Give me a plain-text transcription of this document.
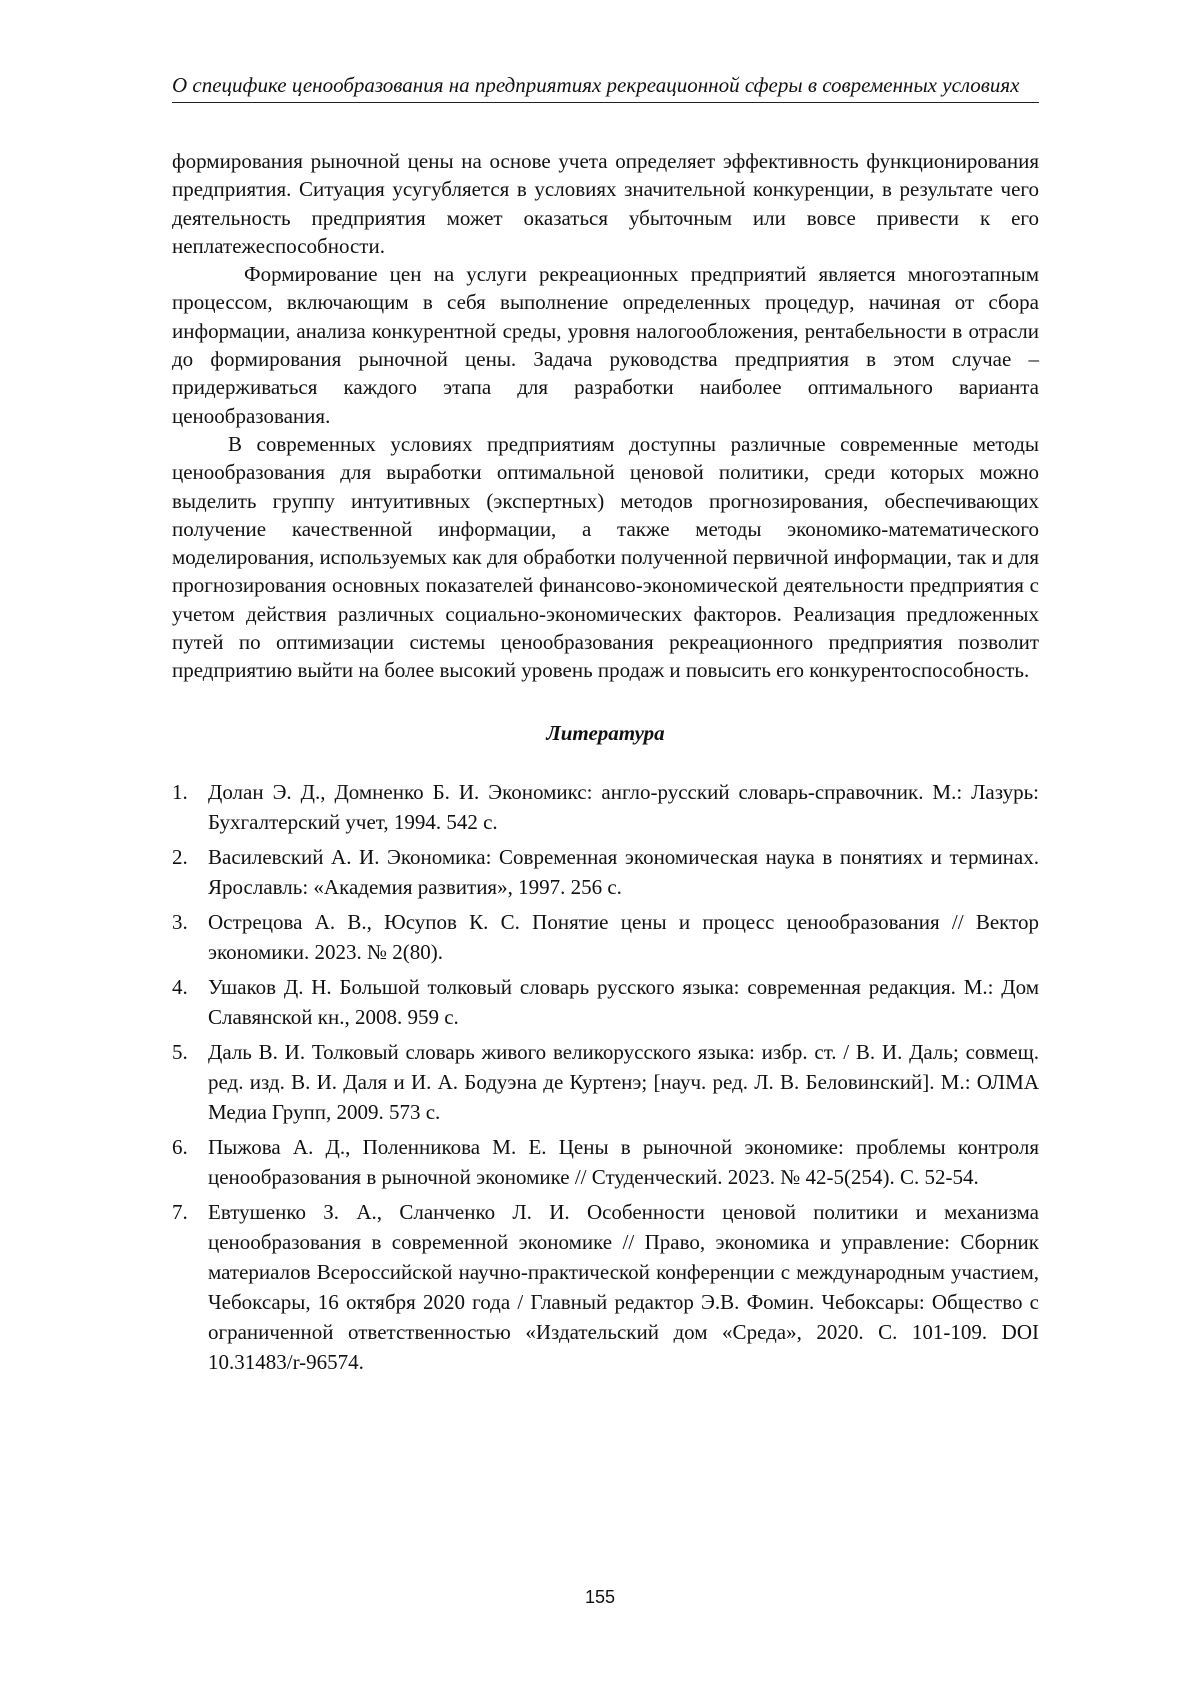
О специфике ценообразования на предприятиях рекреационной сферы в современных условиях

формирования рыночной цены на основе учета определяет эффективность функционирования предприятия. Ситуация усугубляется в условиях значительной конкуренции, в результате чего деятельность предприятия может оказаться убыточным или вовсе привести к его неплатежеспособности.

Формирование цен на услуги рекреационных предприятий является многоэтапным процессом, включающим в себя выполнение определенных процедур, начиная от сбора информации, анализа конкурентной среды, уровня налогообложения, рентабельности в отрасли до формирования рыночной цены. Задача руководства предприятия в этом случае – придерживаться каждого этапа для разработки наиболее оптимального варианта ценообразования.

В современных условиях предприятиям доступны различные современные методы ценообразования для выработки оптимальной ценовой политики, среди которых можно выделить группу интуитивных (экспертных) методов прогнозирования, обеспечивающих получение качественной информации, а также методы экономико-математического моделирования, используемых как для обработки полученной первичной информации, так и для прогнозирования основных показателей финансово-экономической деятельности предприятия с учетом действия различных социально-экономических факторов. Реализация предложенных путей по оптимизации системы ценообразования рекреационного предприятия позволит предприятию выйти на более высокий уровень продаж и повысить его конкурентоспособность.

Литература
1. Долан Э. Д., Домненко Б. И. Экономикс: англо-русский словарь-справочник. М.: Лазурь: Бухгалтерский учет, 1994. 542 с.
2. Василевский А. И. Экономика: Современная экономическая наука в понятиях и терминах. Ярославль: «Академия развития», 1997. 256 с.
3. Острецова А. В., Юсупов К. С. Понятие цены и процесс ценообразования // Вектор экономики. 2023. № 2(80).
4. Ушаков Д. Н. Большой толковый словарь русского языка: современная редакция. М.: Дом Славянской кн., 2008. 959 с.
5. Даль В. И. Толковый словарь живого великорусского языка: избр. ст. / В. И. Даль; совмещ. ред. изд. В. И. Даля и И. А. Бодуэна де Куртенэ; [науч. ред. Л. В. Беловинский]. М.: ОЛМА Медиа Групп, 2009. 573 с.
6. Пыжова А. Д., Поленникова М. Е. Цены в рыночной экономике: проблемы контроля ценообразования в рыночной экономике // Студенческий. 2023. № 42-5(254). С. 52-54.
7. Евтушенко З. А., Сланченко Л. И. Особенности ценовой политики и механизма ценообразования в современной экономике // Право, экономика и управление: Сборник материалов Всероссийской научно-практической конференции с международным участием, Чебоксары, 16 октября 2020 года / Главный редактор Э.В. Фомин. Чебоксары: Общество с ограниченной ответственностью «Издательский дом «Среда», 2020. С. 101-109. DOI 10.31483/r-96574.
155
